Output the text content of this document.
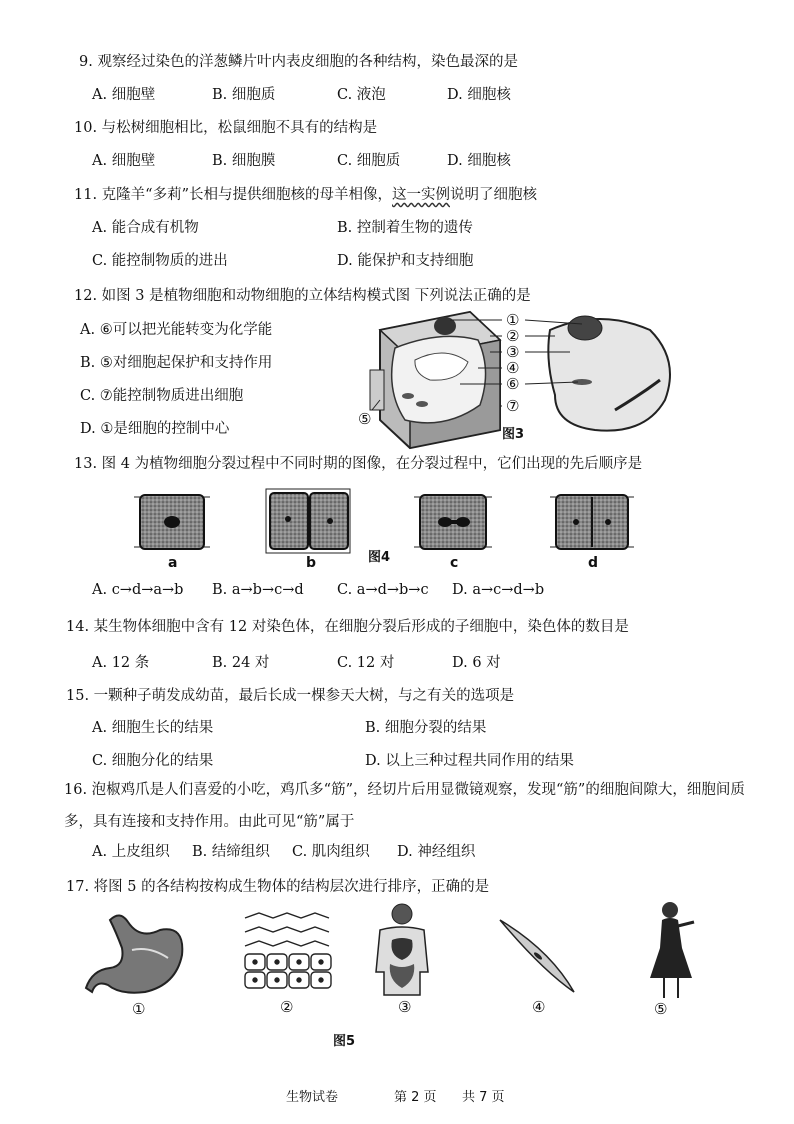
9. 观察经过染色的洋葱鳞片叶内表皮细胞的各种结构，染色最深的是
A. 细胞壁	B. 细胞质	C. 液泡	D. 细胞核
10. 与松树细胞相比，松鼠细胞不具有的结构是
A. 细胞壁	B. 细胞膜	C. 细胞质	D. 细胞核
11. 克隆羊“多莉”长相与提供细胞核的母羊相像，这一实例说明了细胞核
A. 能合成有机物	B. 控制着生物的遗传
C. 能控制物质的进出	D. 能保护和支持细胞
12. 如图 3 是植物细胞和动物细胞的立体结构模式图 下列说法正确的是
A. ⑥可以把光能转变为化学能
B. ⑤对细胞起保护和支持作用
C. ⑦能控制物质进出细胞
D. ①是细胞的控制中心
①
②
③
④
⑥
⑦
⑤
图3
13. 图 4 为植物细胞分裂过程中不同时期的图像，在分裂过程中，它们出现的先后顺序是
a	b	c	d
图4
A. c→d→a→b B. a→b→c→d C. a→d→b→c D. a→c→d→b
14. 某生物体细胞中含有 12 对染色体，在细胞分裂后形成的子细胞中，染色体的数目是
A. 12 条	B. 24 对	C. 12 对	D. 6 对
15. 一颗种子萌发成幼苗，最后长成一棵参天大树，与之有关的选项是
A. 细胞生长的结果	B. 细胞分裂的结果
C. 细胞分化的结果	D. 以上三种过程共同作用的结果
16. 泡椒鸡爪是人们喜爱的小吃，鸡爪多“筋”，经切片后用显微镜观察，发现“筋”的细胞间隙大，细胞间质多，具有连接和支持作用。由此可见“筋”属于
A. 上皮组织 B. 结缔组织 C. 肌肉组织 D. 神经组织
17. 将图 5 的各结构按构成生物体的结构层次进行排序，正确的是
①	②	③	④	⑤
图5
生物试卷	第 2 页 共 7 页
